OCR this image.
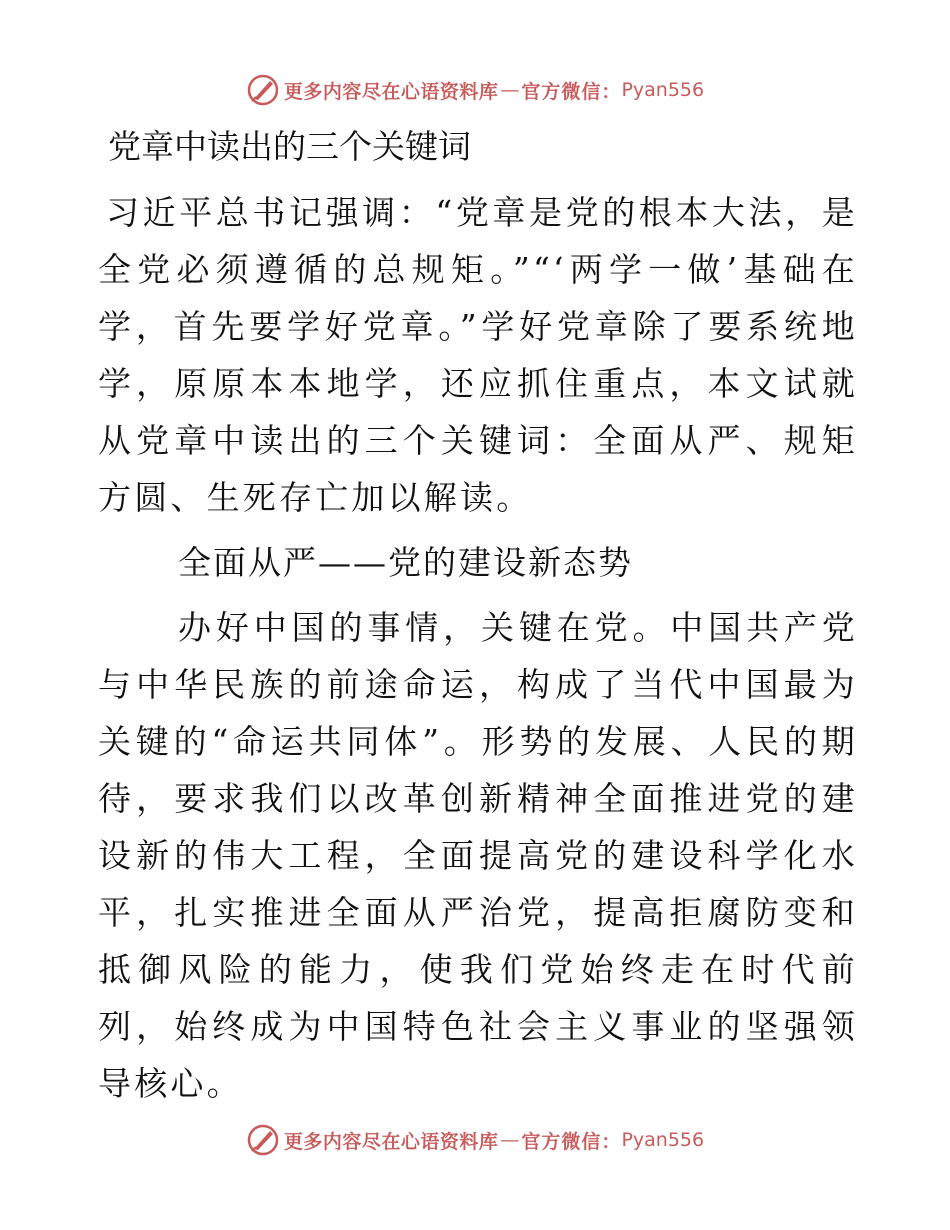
更多内容尽在心语资料库 — 官方微信： Pyan556
党章中读出的三个关键词

习近平总书记强调：“党章是党的根本大法，是全党必须遵循的总规矩。”“‘两学一做’基础在学，首先要学好党章。”学好党章除了要系统地学，原原本本地学，还应抓住重点，本文试就从党章中读出的三个关键词：全面从严、规矩方圆、生死存亡加以解读。

全面从严——党的建设新态势

办好中国的事情，关键在党。中国共产党与中华民族的前途命运，构成了当代中国最为关键的“命运共同体”。形势的发展、人民的期待，要求我们以改革创新精神全面推进党的建设新的伟大工程，全面提高党的建设科学化水平，扎实推进全面从严治党，提高拒腐防变和抵御风险的能力，使我们党始终走在时代前列，始终成为中国特色社会主义事业的坚强领导核心。

更多内容尽在心语资料库 — 官方微信： Pyan556
